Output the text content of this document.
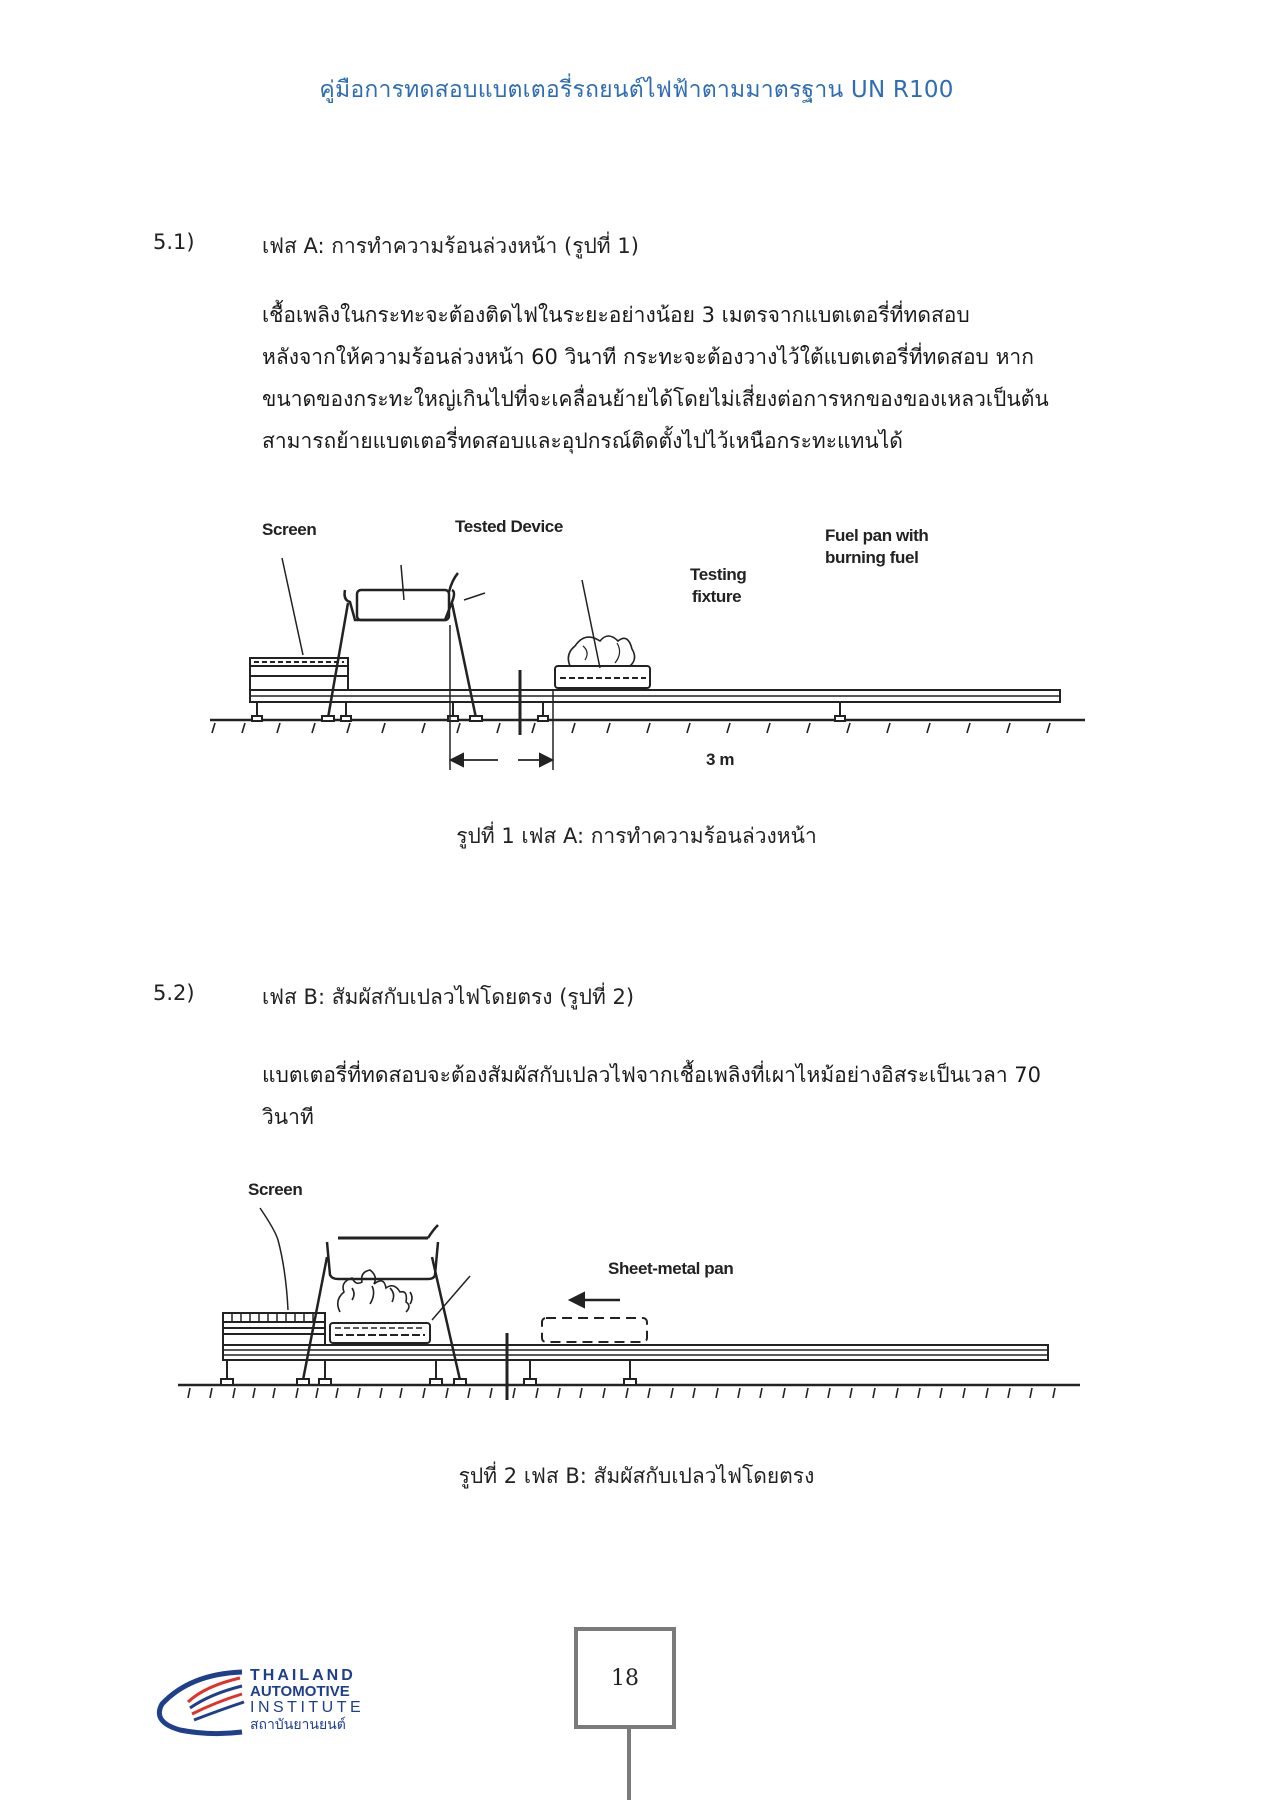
คู่มือการทดสอบแบตเตอรี่รถยนต์ไฟฟ้าตามมาตรฐาน UN R100
5.1)	เฟส A: การทำความร้อนล่วงหน้า (รูปที่ 1)
เชื้อเพลิงในกระทะจะต้องติดไฟในระยะอย่างน้อย 3 เมตรจากแบตเตอรี่ที่ทดสอบ
หลังจากให้ความร้อนล่วงหน้า 60 วินาที กระทะจะต้องวางไว้ใต้แบตเตอรี่ที่ทดสอบ หาก
ขนาดของกระทะใหญ่เกินไปที่จะเคลื่อนย้ายได้โดยไม่เสี่ยงต่อการหกของของเหลวเป็นต้น
สามารถย้ายแบตเตอรี่ทดสอบและอุปกรณ์ติดตั้งไปไว้เหนือกระทะแทนได้
Screen	Tested Device
Testing
fixture
Fuel pan with
burning fuel
3 m
รูปที่ 1 เฟส A: การทำความร้อนล่วงหน้า
5.2)	เฟส B: สัมผัสกับเปลวไฟโดยตรง (รูปที่ 2)
แบตเตอรี่ที่ทดสอบจะต้องสัมผัสกับเปลวไฟจากเชื้อเพลิงที่เผาไหม้อย่างอิสระเป็นเวลา 70
วินาที
Screen
Sheet-metal pan
รูปที่ 2 เฟส B: สัมผัสกับเปลวไฟโดยตรง
THAILAND
AUTOMOTIVE
INSTITUTE
สถาบันยานยนต์
18
